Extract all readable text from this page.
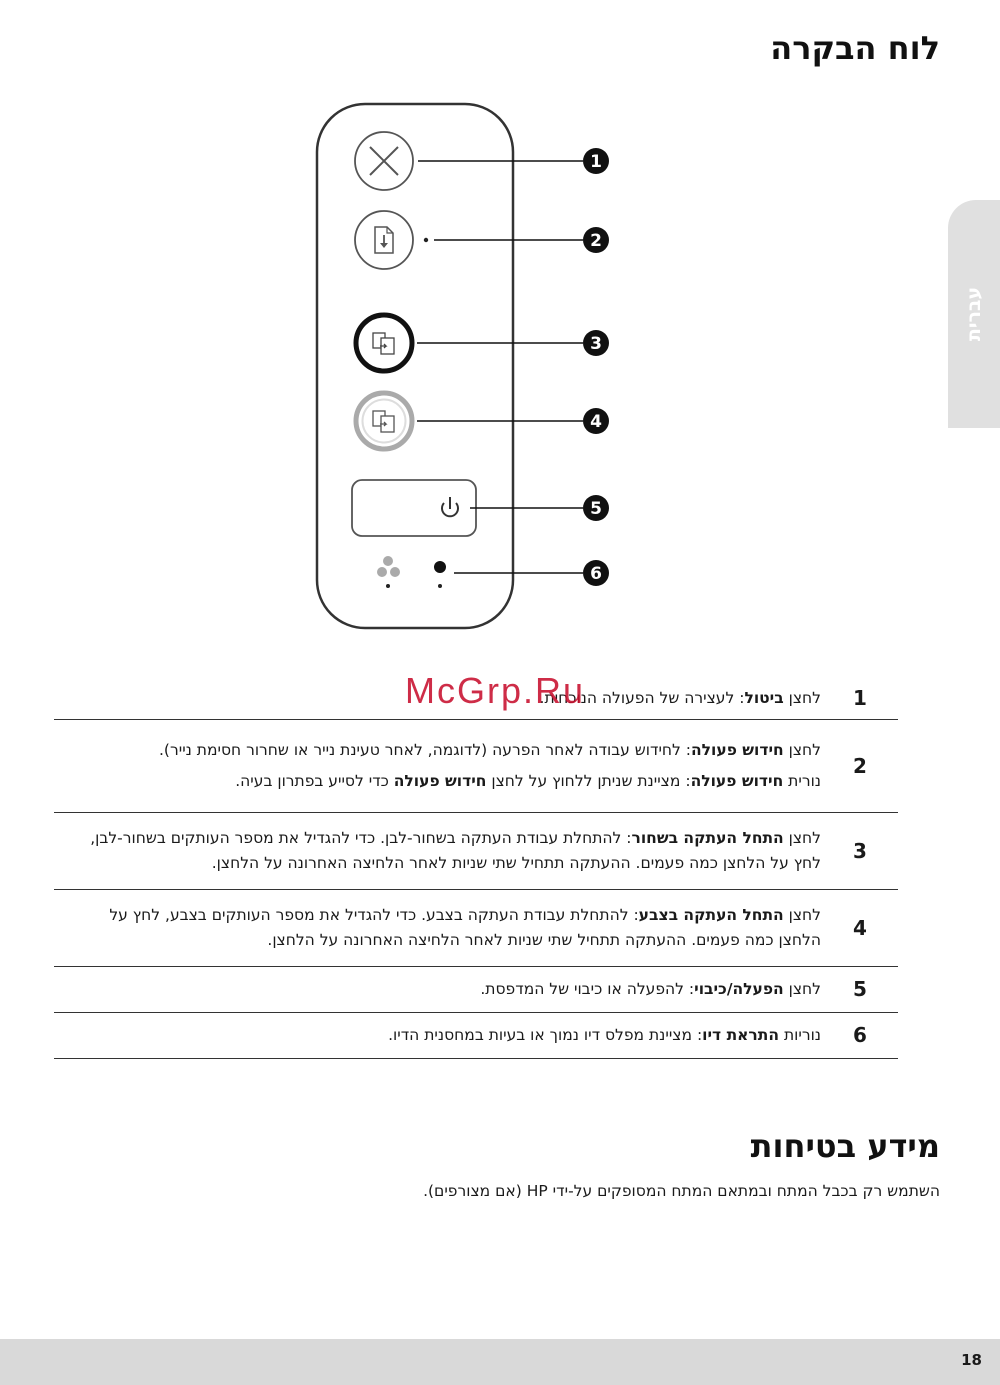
לוח הבקרה
עברית
1
2
3
4
5
6
1	לחצן ביטול: לעצירה של הפעולה הנוכחית.

2	לחצן חידוש פעולה: לחידוש עבודה לאחר הפרעה (לדוגמה, לאחר טעינת נייר או שחרור חסימת נייר).

נורית חידוש פעולה: מציינת שניתן ללחוץ על לחצן חידוש פעולה כדי לסייע בפתרון בעיה.

3	לחצן התחל העתקה בשחור: להתחלת עבודת העתקה בשחור-לבן. כדי להגדיל את מספר העותקים בשחור-לבן, לחץ על הלחצן כמה פעמים. ההעתקה תתחיל שתי שניות לאחר הלחיצה האחרונה על הלחצן.

4	לחצן התחל העתקה בצבע: להתחלת עבודת העתקה בצבע. כדי להגדיל את מספר העותקים בצבע, לחץ על הלחצן כמה פעמים. ההעתקה תתחיל שתי שניות לאחר הלחיצה האחרונה על הלחצן.

5	לחצן הפעלה/כיבוי: להפעלה או כיבוי של המדפסת.

6	נוריות התראת דיו: מציינת מפלס דיו נמוך או בעיות במחסנית הדיו.

McGrp.Ru
מידע בטיחות

השתמש רק בכבל המתח ובמתאם המתח המסופקים על-ידי HP (אם מצורפים).

18
